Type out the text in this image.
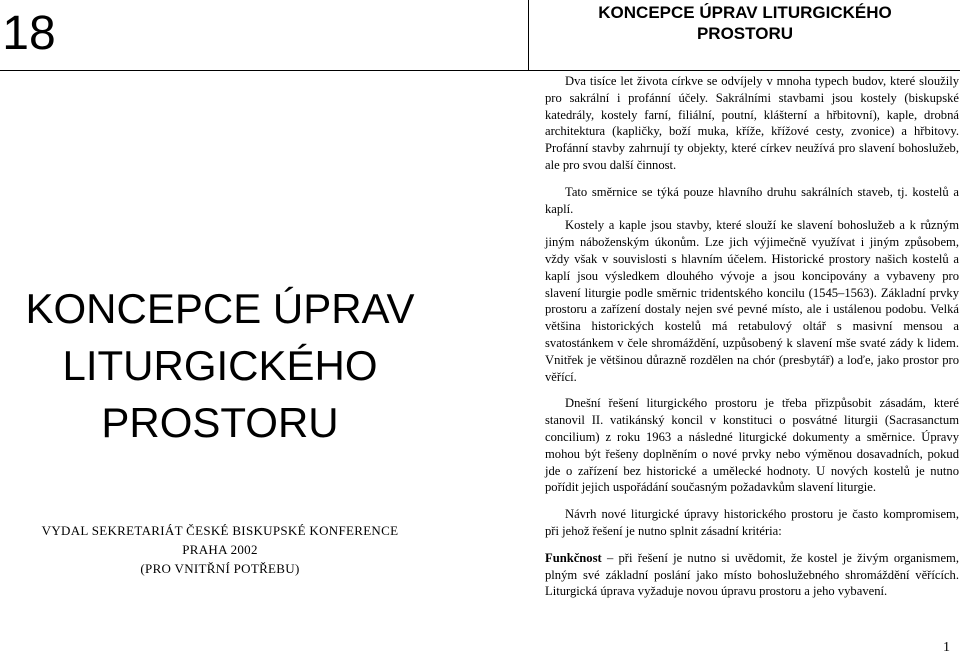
18	KONCEPCE ÚPRAV LITURGICKÉHO
PROSTORU
KONCEPCE ÚPRAV
LITURGICKÉHO
PROSTORU
VYDAL SEKRETARIÁT ČESKÉ BISKUPSKÉ KONFERENCE
PRAHA 2002
(PRO VNITŘNÍ POTŘEBU)

Dva tisíce let života církve se odvíjely v mnoha typech budov, které sloužily pro sakrální i profánní účely. Sakrálními stavbami jsou kostely (biskupské katedrály, kostely farní, filiální, poutní, klášterní a hřbitovní), kaple, drobná architektura (kapličky, boží muka, kříže, křížové cesty, zvonice) a hřbitovy. Profánní stavby zahrnují ty objekty, které církev neužívá pro slavení bohoslužeb, ale pro svou další činnost.

Tato směrnice se týká pouze hlavního druhu sakrálních staveb, tj. kostelů a kaplí.

Kostely a kaple jsou stavby, které slouží ke slavení bohoslužeb a k různým jiným náboženským úkonům. Lze jich výjimečně využívat i jiným způsobem, vždy však v souvislosti s hlavním účelem. Historické prostory našich kostelů a kaplí jsou výsledkem dlouhého vývoje a jsou koncipovány a vybaveny pro slavení liturgie podle směrnic tridentského koncilu (1545–1563). Základní prvky prostoru a zařízení dostaly nejen své pevné místo, ale i ustálenou podobu. Velká většina historických kostelů má retabulový oltář s masivní mensou a svatostánkem v čele shromáždění, uzpůsobený k slavení mše svaté zády k lidem. Vnitřek je většinou důrazně rozdělen na chór (presbytář) a loďe, jako prostor pro věřící.

Dnešní řešení liturgického prostoru je třeba přizpůsobit zásadám, které stanovil II. vatikánský koncil v konstituci o posvátné liturgii (Sacrasanctum concilium) z roku 1963 a následné liturgické dokumenty a směrnice. Úpravy mohou být řešeny doplněním o nové prvky nebo výměnou dosavadních, pokud jde o zařízení bez historické a umělecké hodnoty. U nových kostelů je nutno pořídit jejich uspořádání současným požadavkům slavení liturgie.

Návrh nové liturgické úpravy historického prostoru je často kompromisem, při jehož řešení je nutno splnit zásadní kritéria:

Funkčnost – při řešení je nutno si uvědomit, že kostel je živým organismem, plným své základní poslání jako místo bohoslužebného shromáždění věřících. Liturgická úprava vyžaduje novou úpravu prostoru a jeho vybavení.

1
